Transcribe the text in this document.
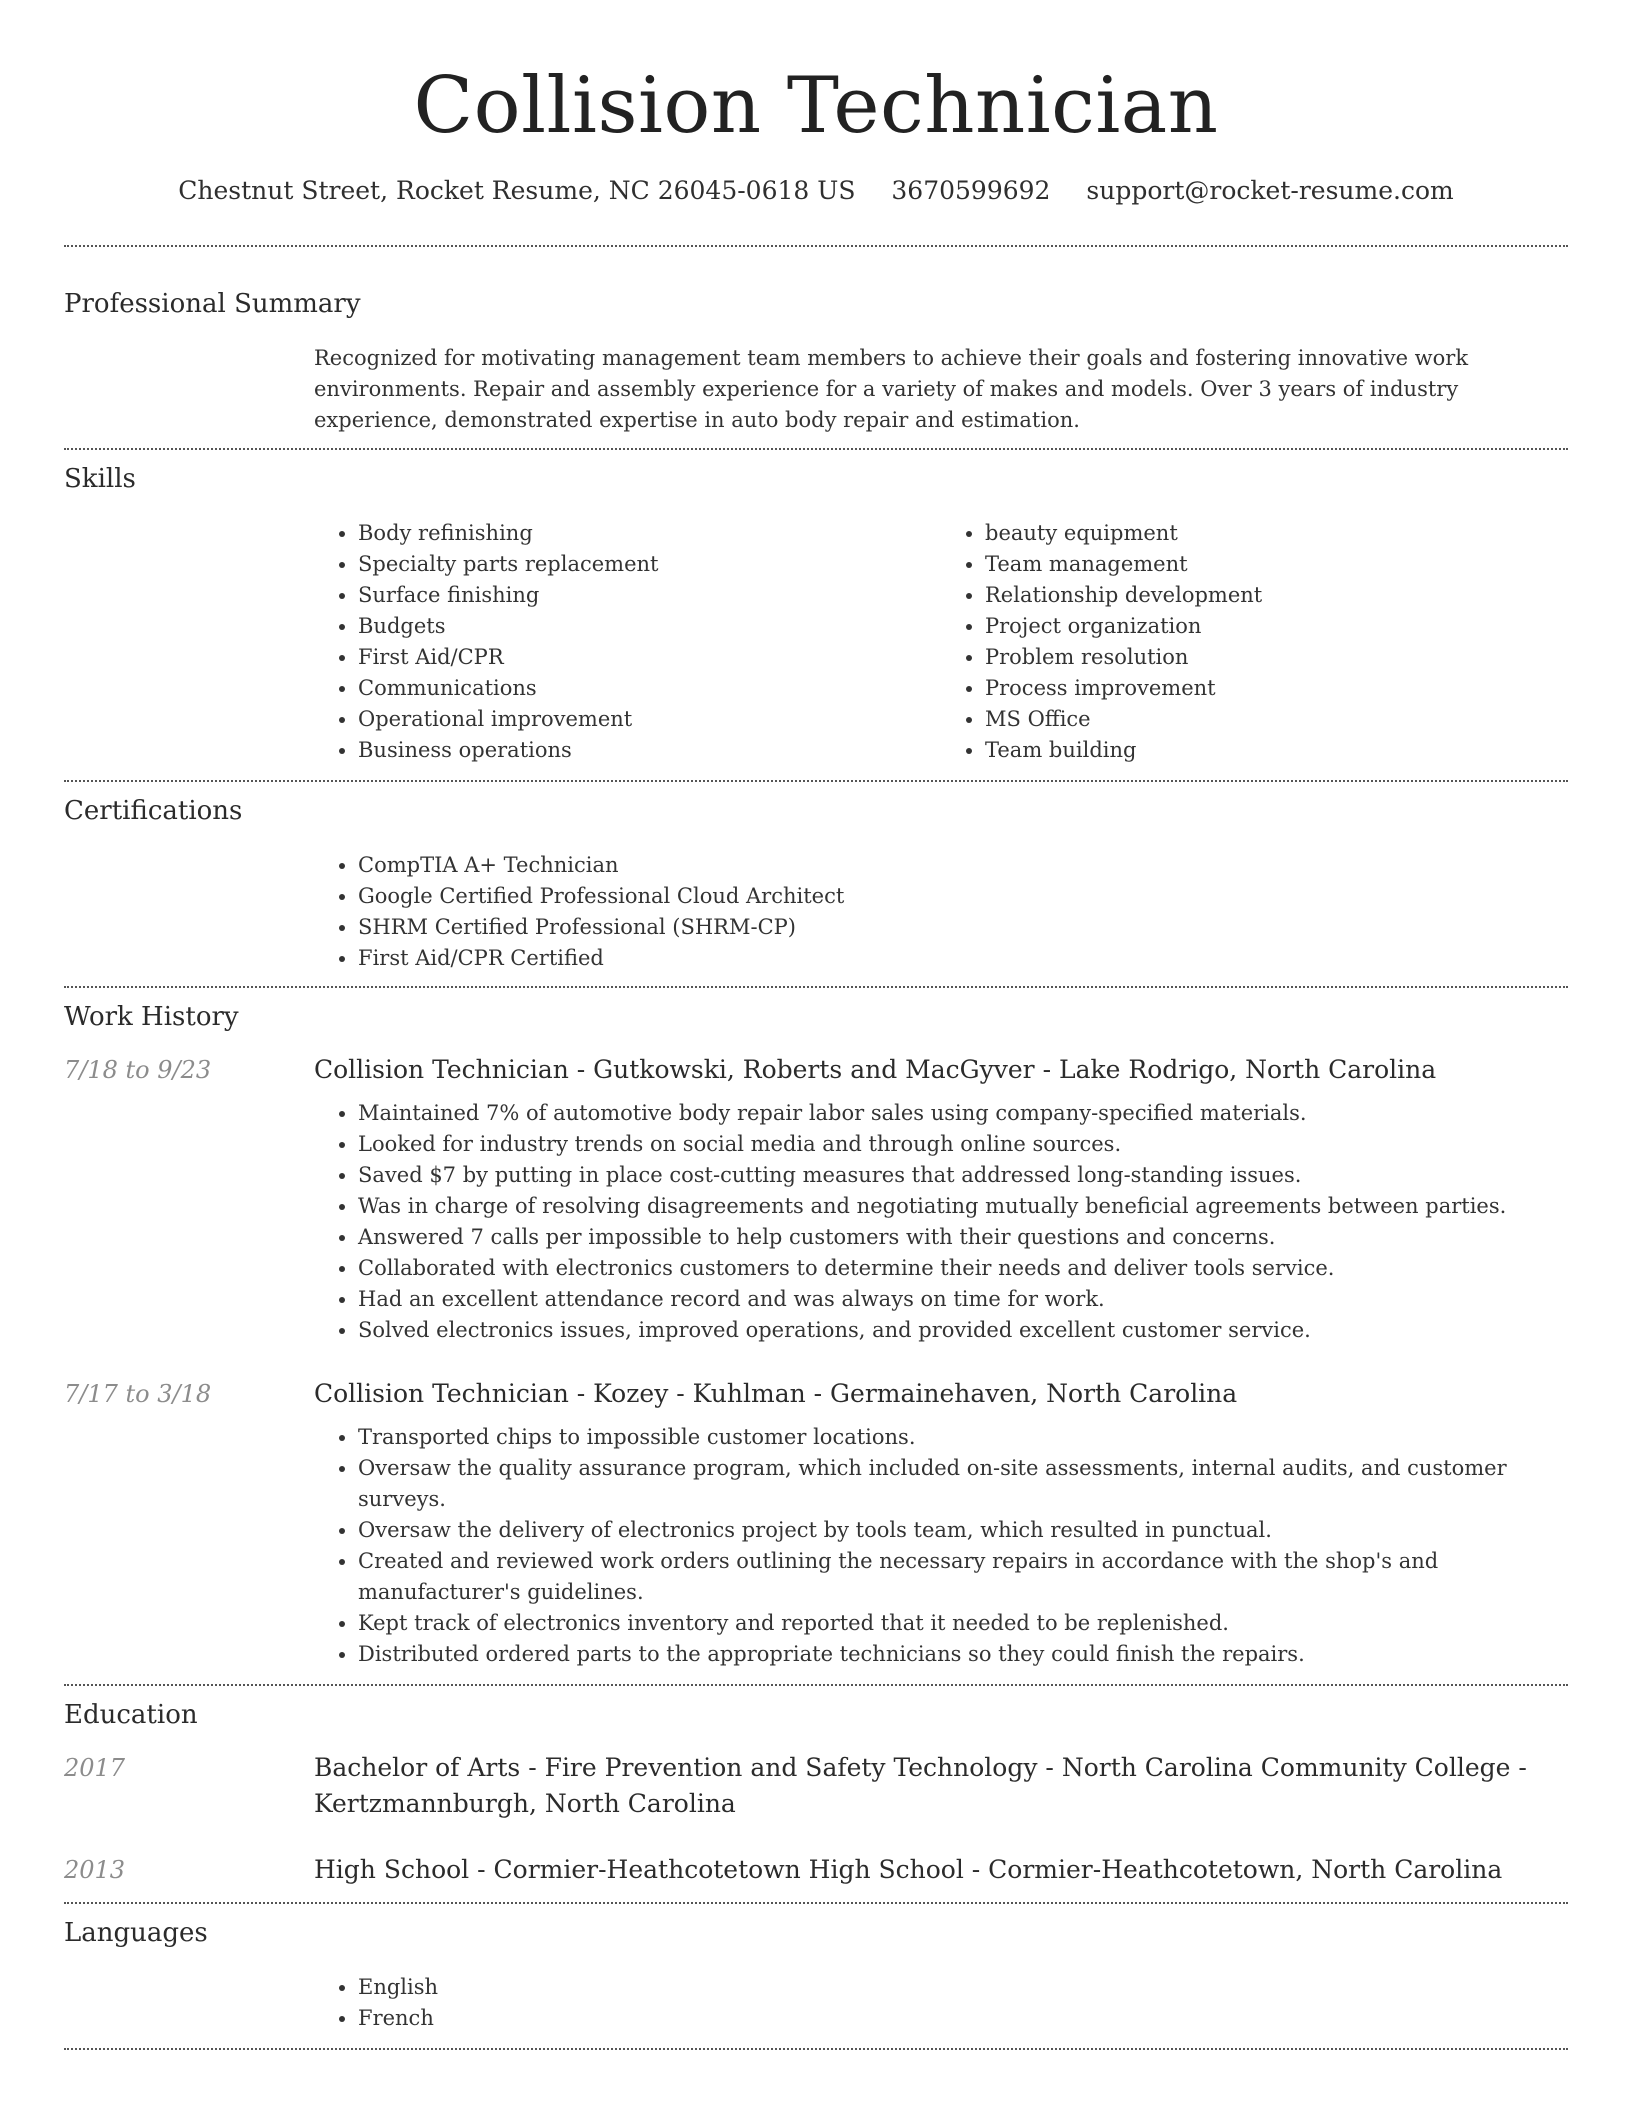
Collision Technician
Chestnut Street, Rocket Resume, NC 26045-0618 US 3670599692 support@rocket-resume.com
Professional Summary
Recognized for motivating management team members to achieve their goals and fostering innovative work environments. Repair and assembly experience for a variety of makes and models. Over 3 years of industry experience, demonstrated expertise in auto body repair and estimation.
Skills
• Body refinishing
• Specialty parts replacement
• Surface finishing
• Budgets
• First Aid/CPR
• Communications
• Operational improvement
• Business operations
• beauty equipment
• Team management
• Relationship development
• Project organization
• Problem resolution
• Process improvement
• MS Office
• Team building
Certifications
• CompTIA A+ Technician
• Google Certified Professional Cloud Architect
• SHRM Certified Professional (SHRM-CP)
• First Aid/CPR Certified
Work History
7/18 to 9/23	Collision Technician - Gutkowski, Roberts and MacGyver - Lake Rodrigo, North Carolina
• Maintained 7% of automotive body repair labor sales using company-specified materials.
• Looked for industry trends on social media and through online sources.
• Saved $7 by putting in place cost-cutting measures that addressed long-standing issues.
• Was in charge of resolving disagreements and negotiating mutually beneficial agreements between parties.
• Answered 7 calls per impossible to help customers with their questions and concerns.
• Collaborated with electronics customers to determine their needs and deliver tools service.
• Had an excellent attendance record and was always on time for work.
• Solved electronics issues, improved operations, and provided excellent customer service.
7/17 to 3/18	Collision Technician - Kozey - Kuhlman - Germainehaven, North Carolina
• Transported chips to impossible customer locations.
• Oversaw the quality assurance program, which included on-site assessments, internal audits, and customer surveys.
• Oversaw the delivery of electronics project by tools team, which resulted in punctual.
• Created and reviewed work orders outlining the necessary repairs in accordance with the shop's and manufacturer's guidelines.
• Kept track of electronics inventory and reported that it needed to be replenished.
• Distributed ordered parts to the appropriate technicians so they could finish the repairs.
Education
2017	Bachelor of Arts - Fire Prevention and Safety Technology - North Carolina Community College - Kertzmannburgh, North Carolina
2013	High School - Cormier-Heathcotetown High School - Cormier-Heathcotetown, North Carolina
Languages
• English
• French
